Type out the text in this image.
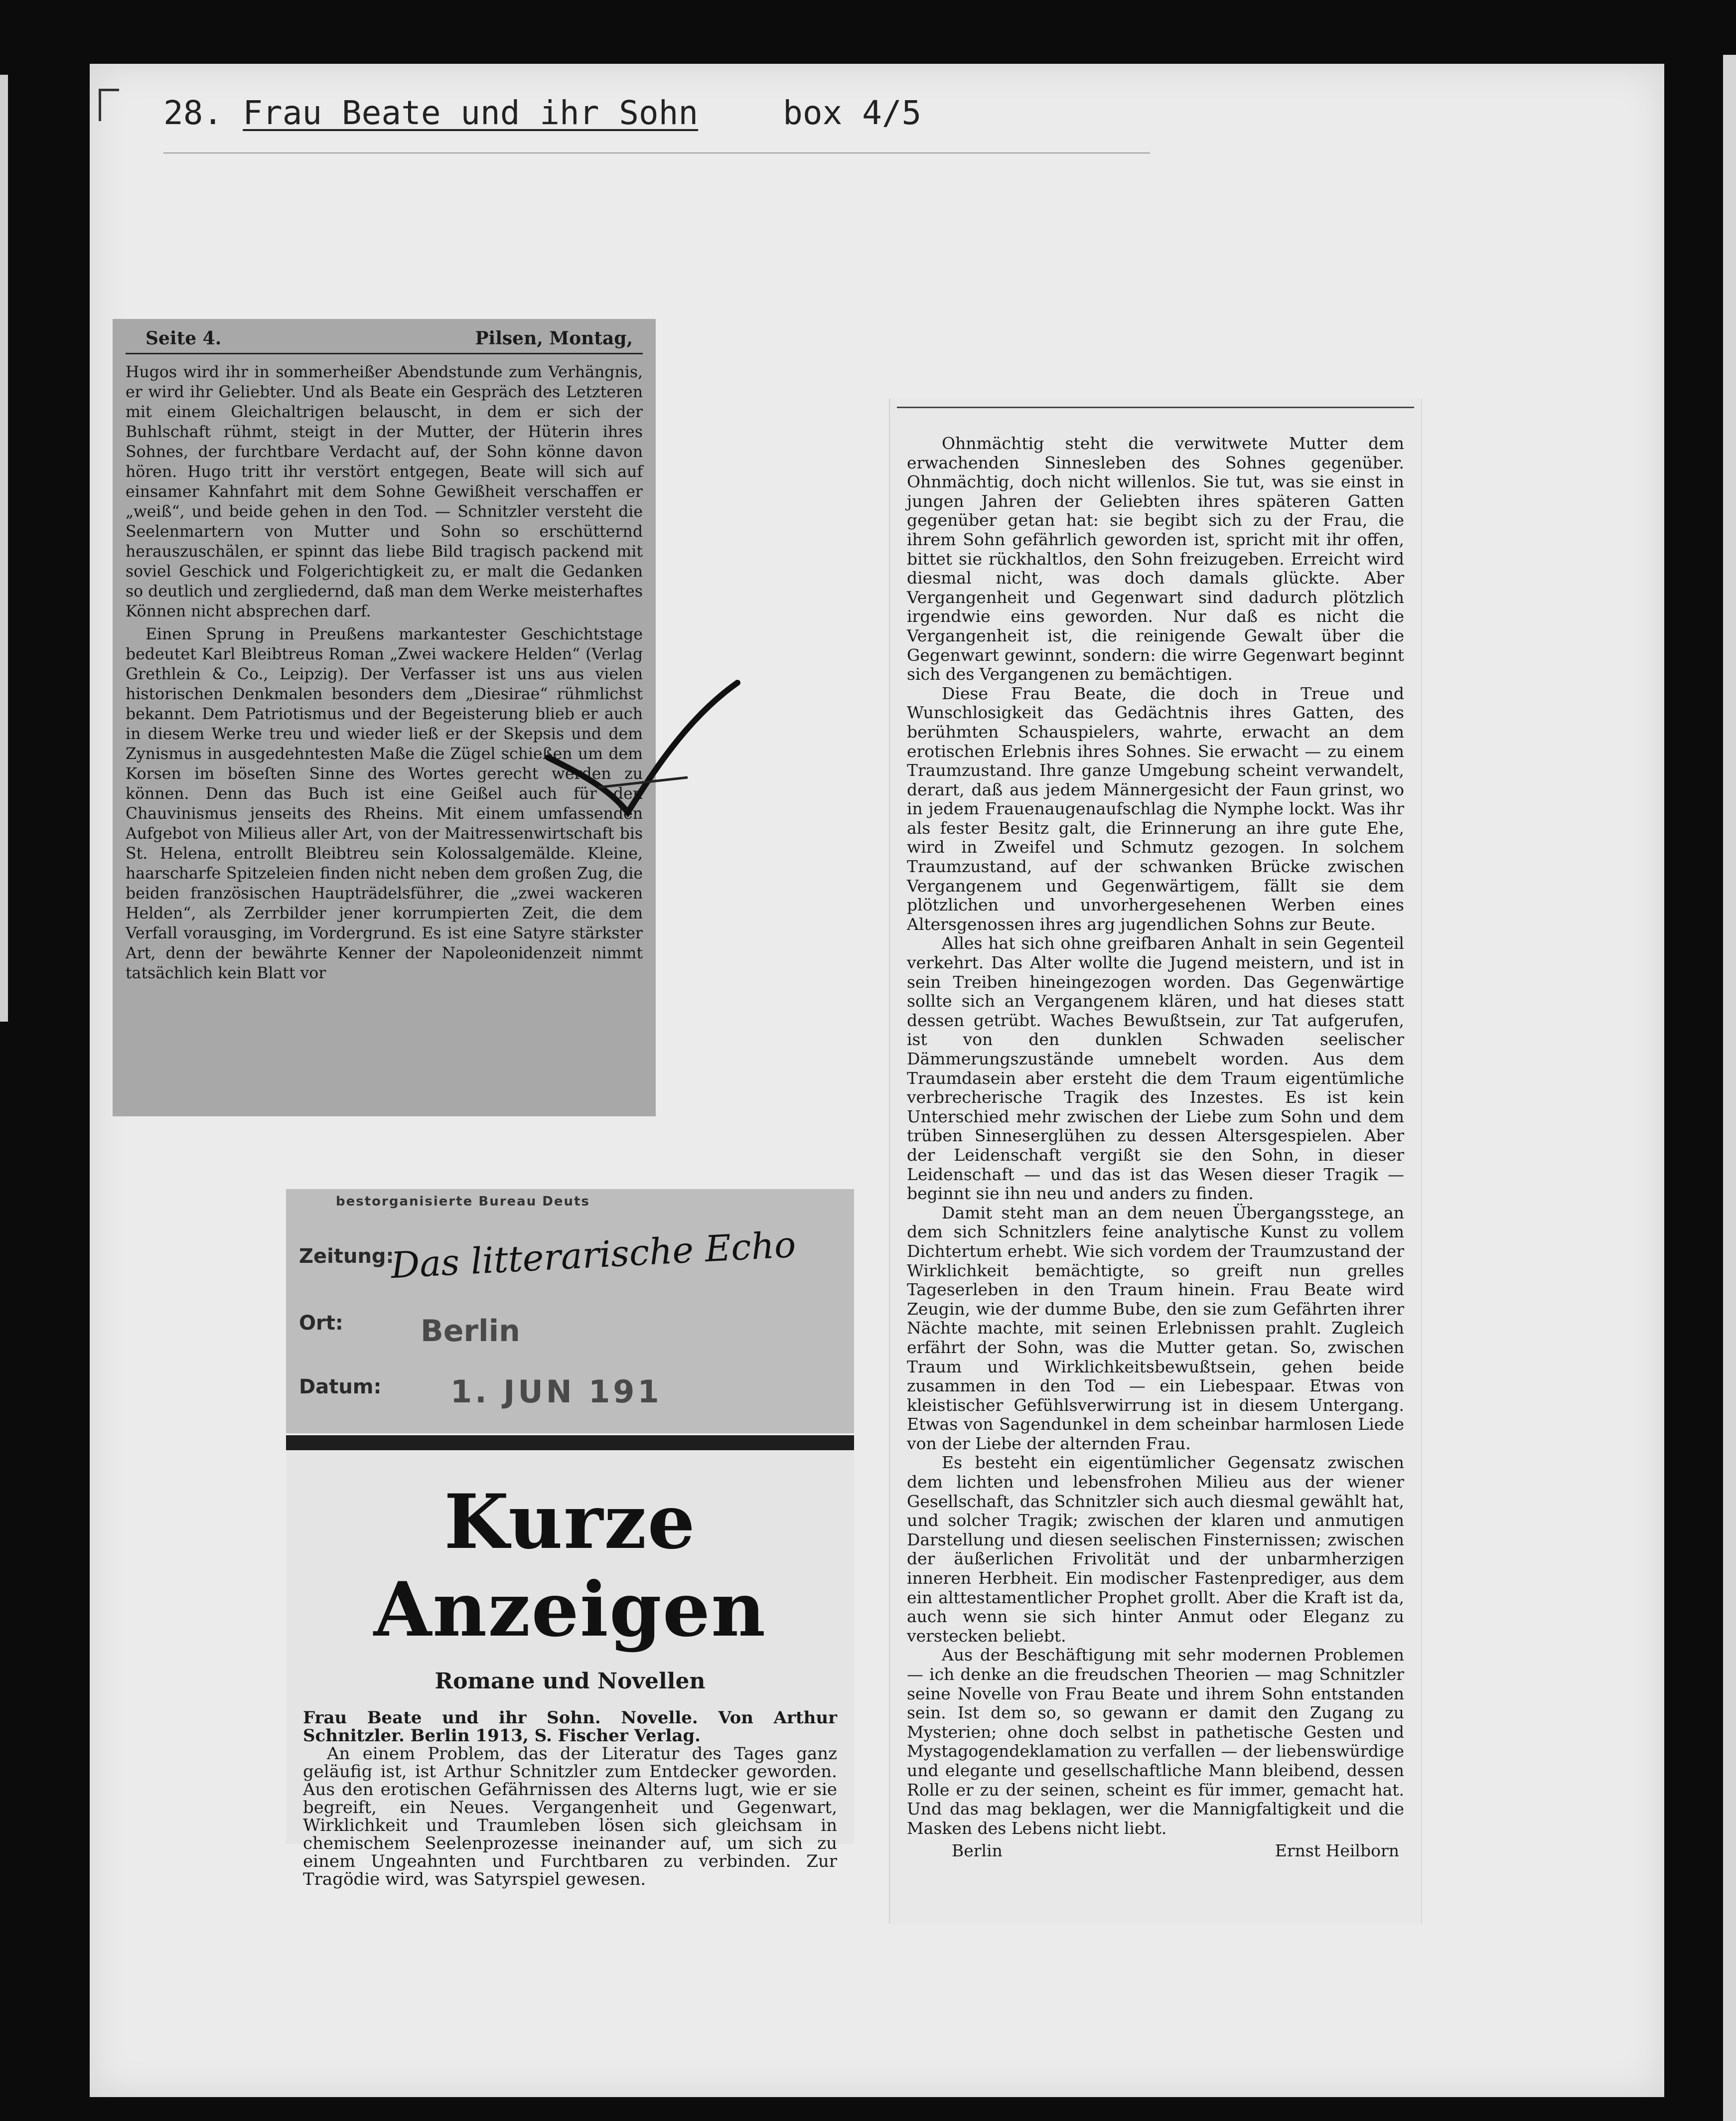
28. Frau Beate und ihr Sohn	box 4/5
Seite 4.	Pilsen, Montag,

Hugos wird ihr in sommerheißer Abendstunde zum Verhängnis, er wird ihr Geliebter. Und als Beate ein Gespräch des Letzteren mit einem Gleichaltrigen belauscht, in dem er sich der Buhlschaft rühmt, steigt in der Mutter, der Hüterin ihres Sohnes, der furchtbare Verdacht auf, der Sohn könne davon hören. Hugo tritt ihr verstört entgegen, Beate will sich auf einsamer Kahnfahrt mit dem Sohne Gewißheit verschaffen er „weiß“, und beide gehen in den Tod. — Schnitzler versteht die Seelenmartern von Mutter und Sohn so erschütternd herauszuschälen, er spinnt das liebe Bild tragisch packend mit soviel Geschick und Folgerichtigkeit zu, er malt die Gedanken so deutlich und zergliedernd, daß man dem Werke meisterhaftes Können nicht absprechen darf.

Einen Sprung in Preußens markantester Geschichtstage bedeutet Karl Bleibtreus Roman „Zwei wackere Helden“ (Verlag Grethlein & Co., Leipzig). Der Verfasser ist uns aus vielen historischen Denkmalen besonders dem „Diesirae“ rühmlichst bekannt. Dem Patriotismus und der Begeisterung blieb er auch in diesem Werke treu und wieder ließ er der Skepsis und dem Zynismus in ausgedehntesten Maße die Zügel schießen um dem Korsen im böseſten Sinne des Wortes gerecht werden zu können. Denn das Buch ist eine Geißel auch für den Chauvinismus jenseits des Rheins. Mit einem umfassenden Aufgebot von Milieus aller Art, von der Maitressenwirtschaft bis St. Helena, entrollt Bleibtreu sein Kolossalgemälde. Kleine, haarscharfe Spitzeleien finden nicht neben dem großen Zug, die beiden französischen Haupträdelsführer, die „zwei wackeren Helden“, als Zerrbilder jener korrumpierten Zeit, die dem Verfall vorausging, im Vordergrund. Es ist eine Satyre stärkster Art, denn der bewährte Kenner der Napoleonidenzeit nimmt tatsächlich kein Blatt vor

bestorganisierte Bureau Deuts
Zeitung:
Das litterarische Echo
Ort:	Berlin
Datum: 1. JUN 191
Kurze Anzeigen
Romane und Novellen

Frau Beate und ihr Sohn. Novelle. Von Arthur Schnitzler. Berlin 1913, S. Fischer Verlag.

An einem Problem, das der Literatur des Tages ganz geläufig ist, ist Arthur Schnitzler zum Entdecker geworden. Aus den erotischen Gefährnissen des Alterns lugt, wie er sie begreift, ein Neues. Vergangenheit und Gegenwart, Wirklichkeit und Traumleben lösen sich gleichsam in chemischem Seelenprozesse ineinander auf, um sich zu einem Ungeahnten und Furchtbaren zu verbinden. Zur Tragödie wird, was Satyrspiel gewesen.

Ohnmächtig steht die verwitwete Mutter dem erwachenden Sinnesleben des Sohnes gegenüber. Ohnmächtig, doch nicht willenlos. Sie tut, was sie einst in jungen Jahren der Geliebten ihres späteren Gatten gegenüber getan hat: sie begibt sich zu der Frau, die ihrem Sohn gefährlich geworden ist, spricht mit ihr offen, bittet sie rückhaltlos, den Sohn freizugeben. Erreicht wird diesmal nicht, was doch damals glückte. Aber Vergangenheit und Gegenwart sind dadurch plötzlich irgendwie eins geworden. Nur daß es nicht die Vergangenheit ist, die reinigende Gewalt über die Gegenwart gewinnt, sondern: die wirre Gegenwart beginnt sich des Vergangenen zu bemächtigen.

Diese Frau Beate, die doch in Treue und Wunschlosigkeit das Gedächtnis ihres Gatten, des berühmten Schauspielers, wahrte, erwacht an dem erotischen Erlebnis ihres Sohnes. Sie erwacht — zu einem Traumzustand. Ihre ganze Umgebung scheint verwandelt, derart, daß aus jedem Männergesicht der Faun grinst, wo in jedem Frauenaugenaufschlag die Nymphe lockt. Was ihr als fester Besitz galt, die Erinnerung an ihre gute Ehe, wird in Zweifel und Schmutz gezogen. In solchem Traumzustand, auf der schwanken Brücke zwischen Vergangenem und Gegenwärtigem, fällt sie dem plötzlichen und unvorhergesehenen Werben eines Altersgenossen ihres arg jugendlichen Sohns zur Beute.

Alles hat sich ohne greifbaren Anhalt in sein Gegenteil verkehrt. Das Alter wollte die Jugend meistern, und ist in sein Treiben hineingezogen worden. Das Gegenwärtige sollte sich an Vergangenem klären, und hat dieses statt dessen getrübt. Waches Bewußtsein, zur Tat aufgerufen, ist von den dunklen Schwaden seelischer Dämmerungszustände umnebelt worden. Aus dem Traumdasein aber ersteht die dem Traum eigentümliche verbrecherische Tragik des Inzestes. Es ist kein Unterschied mehr zwischen der Liebe zum Sohn und dem trüben Sinneserglühen zu dessen Altersgespielen. Aber der Leidenschaft vergißt sie den Sohn, in dieser Leidenschaft — und das ist das Wesen dieser Tragik — beginnt sie ihn neu und anders zu finden.

Damit steht man an dem neuen Übergangsstege, an dem sich Schnitzlers feine analytische Kunst zu vollem Dichtertum erhebt. Wie sich vordem der Traumzustand der Wirklichkeit bemächtigte, so greift nun grelles Tageserleben in den Traum hinein. Frau Beate wird Zeugin, wie der dumme Bube, den sie zum Gefährten ihrer Nächte machte, mit seinen Erlebnissen prahlt. Zugleich erfährt der Sohn, was die Mutter getan. So, zwischen Traum und Wirklichkeitsbewußtsein, gehen beide zusammen in den Tod — ein Liebespaar. Etwas von kleistischer Gefühlsverwirrung ist in diesem Untergang. Etwas von Sagendunkel in dem scheinbar harmlosen Liede von der Liebe der alternden Frau.

Es besteht ein eigentümlicher Gegensatz zwischen dem lichten und lebensfrohen Milieu aus der wiener Gesellschaft, das Schnitzler sich auch diesmal gewählt hat, und solcher Tragik; zwischen der klaren und anmutigen Darstellung und diesen seelischen Finsternissen; zwischen der äußerlichen Frivolität und der unbarmherzigen inneren Herbheit. Ein modischer Fastenprediger, aus dem ein alttestamentlicher Prophet grollt. Aber die Kraft ist da, auch wenn sie sich hinter Anmut oder Eleganz zu verstecken beliebt.

Aus der Beschäftigung mit sehr modernen Problemen — ich denke an die freudschen Theorien — mag Schnitzler seine Novelle von Frau Beate und ihrem Sohn entstanden sein. Ist dem so, so gewann er damit den Zugang zu Mysterien; ohne doch selbst in pathetische Gesten und Mystagogendeklamation zu verfallen — der liebenswürdige und elegante und gesellschaftliche Mann bleibend, dessen Rolle er zu der seinen, scheint es für immer, gemacht hat. Und das mag beklagen, wer die Mannigfaltigkeit und die Masken des Lebens nicht liebt.

Berlin	Ernst Heilborn
